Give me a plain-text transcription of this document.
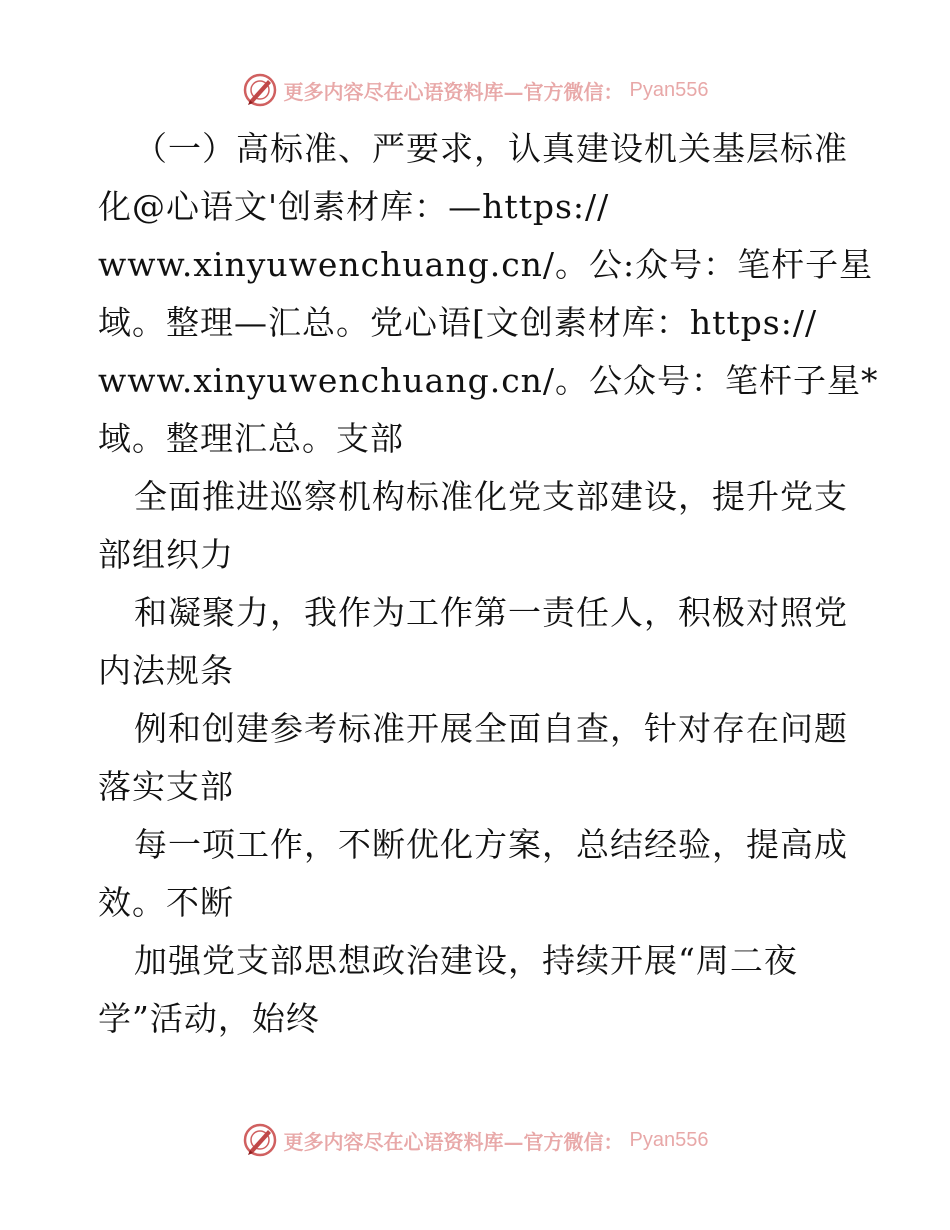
更多内容尽在心语资料库—官方微信： Pyan556
（一）高标准、严要求，认真建设机关基层标准
化@心语文'创素材库：—https://
www.xinyuwenchuang.cn/。公:众号：笔杆子星
域。整理—汇总。党心语[文创素材库：https://
www.xinyuwenchuang.cn/。公众号：笔杆子星*
域。整理汇总。支部
全面推进巡察机构标准化党支部建设，提升党支
部组织力
和凝聚力，我作为工作第一责任人，积极对照党
内法规条
例和创建参考标准开展全面自查，针对存在问题
落实支部
每一项工作，不断优化方案，总结经验，提高成
效。不断
加强党支部思想政治建设，持续开展“周二夜
学”活动，始终
更多内容尽在心语资料库—官方微信： Pyan556
